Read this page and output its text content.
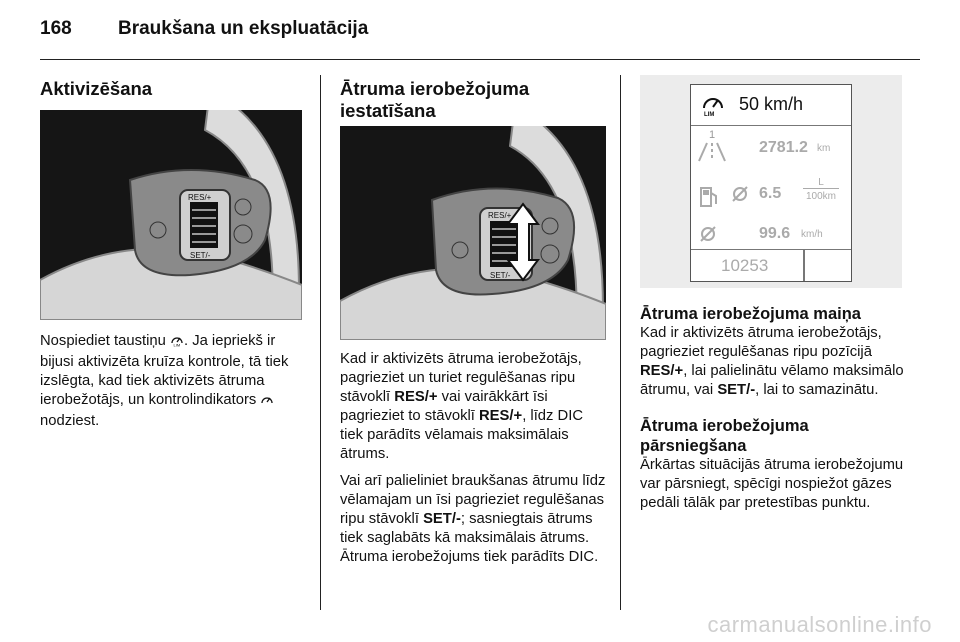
168 Braukšana un ekspluatācija
Aktivizēšana
RES/+
SET/-

Nospiediet taustiņu LIM . Ja iepriekš ir bijusi aktivizēta kruīza kontrole, tā tiek izslēgta, kad tiek aktivizēts ātruma ierobežotājs, un kontrolindikators  nodziest.

Ātruma ierobežojuma
iestatīšana
RES/+
SET/-

Kad ir aktivizēts ātruma ierobežotājs, pagrieziet un turiet regulēšanas ripu stāvoklī RES/+ vai vairākkārt īsi pagrieziet to stāvoklī RES/+, līdz DIC tiek parādīts vēlamais maksimālais ātrums.

Vai arī palieliniet braukšanas ātrumu līdz vēlamajam un īsi pagrieziet regulēšanas ripu stāvoklī SET/-; sasniegtais ātrums tiek saglabāts kā maksimālais ātrums. Ātruma ierobežojums tiek parādīts DIC.

LIM
50 km/h
1
2781.2 km
6.5
L
100km
99.6 km/h
10253
Ātruma ierobežojuma maiņa

Kad ir aktivizēts ātruma ierobežotājs, pagrieziet regulēšanas ripu pozīcijā RES/+, lai palielinātu vēlamo maksimālo ātrumu, vai SET/-, lai to samazinātu.

Ātruma ierobežojuma
pārsniegšana

Ārkārtas situācijās ātruma ierobežojumu var pārsniegt, spēcīgi nospiežot gāzes pedāli tālāk par pretestības punktu.

carmanualsonline.info
